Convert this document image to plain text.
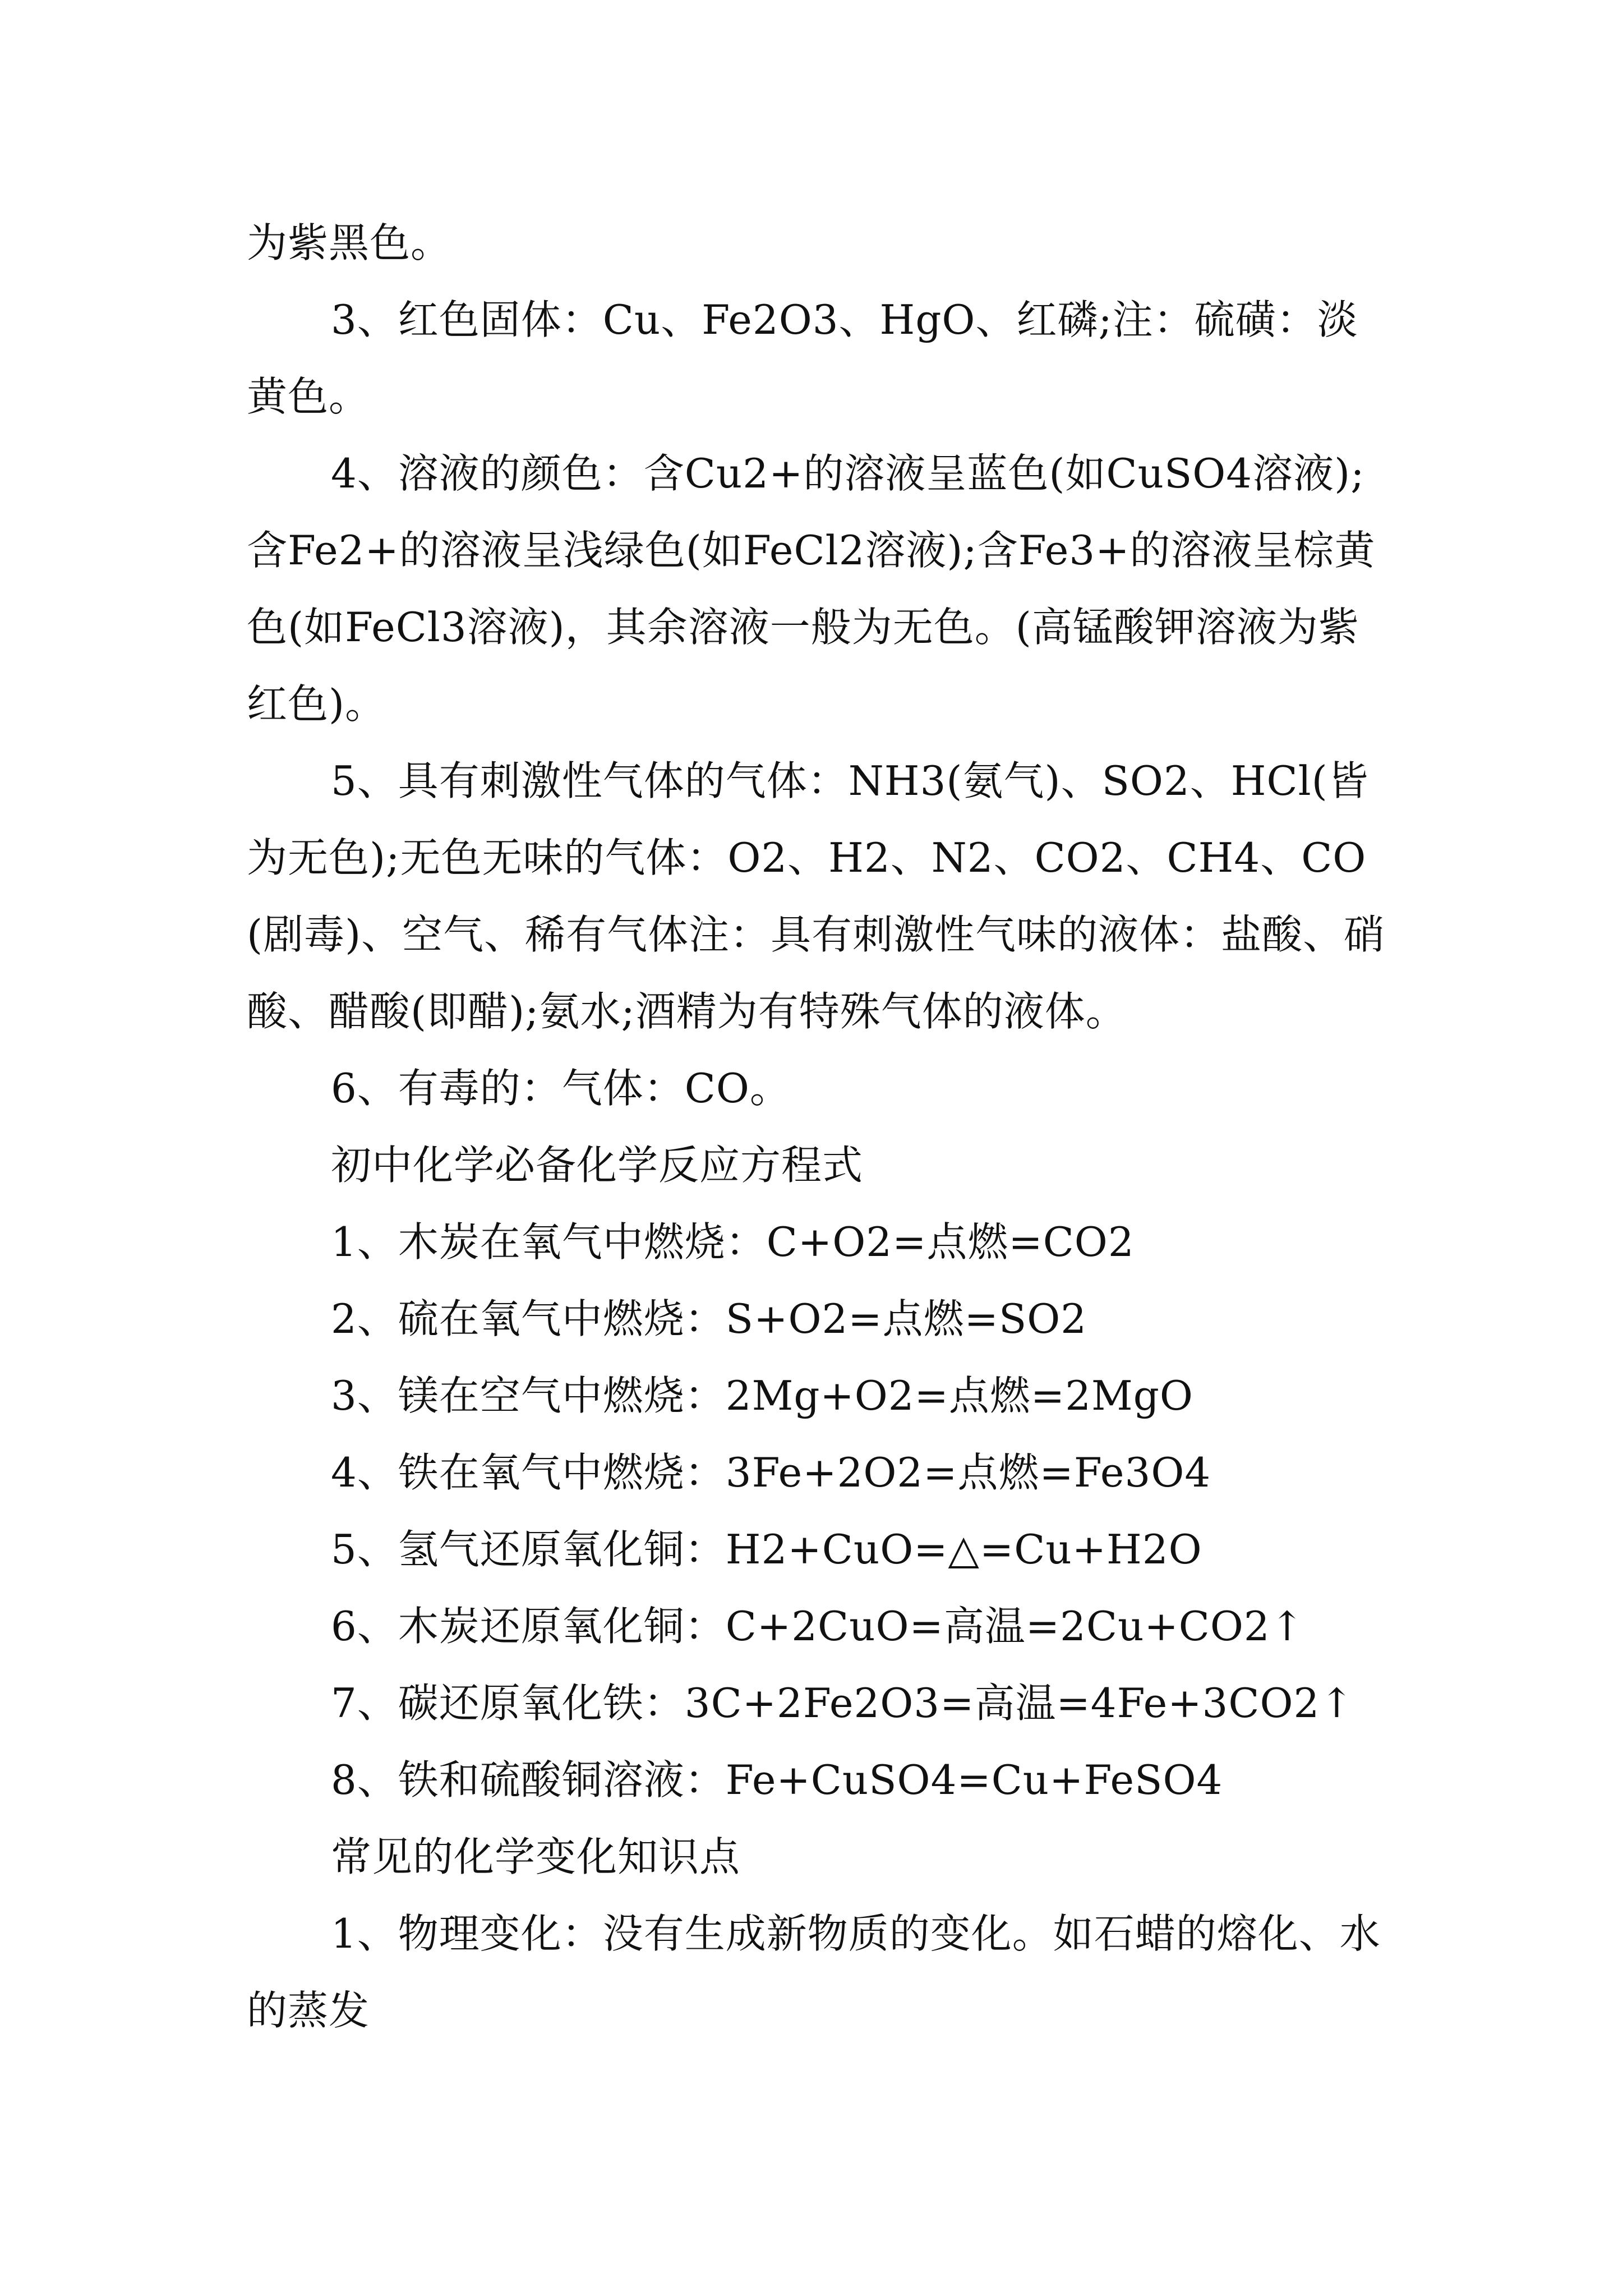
为紫黑色。

3、红色固体：Cu、Fe2O3、HgO、红磷;注：硫磺：淡黄色。

4、溶液的颜色：含Cu2+的溶液呈蓝色(如CuSO4溶液);含Fe2+的溶液呈浅绿色(如FeCl2溶液);含Fe3+的溶液呈棕黄色(如FeCl3溶液)，其余溶液一般为无色。(高锰酸钾溶液为紫红色)。

5、具有刺激性气体的气体：NH3(氨气)、SO2、HCl(皆为无色);无色无味的气体：O2、H2、N2、CO2、CH4、CO(剧毒)、空气、稀有气体注：具有刺激性气味的液体：盐酸、硝酸、醋酸(即醋);氨水;酒精为有特殊气体的液体。

6、有毒的：气体：CO。

初中化学必备化学反应方程式

1、木炭在氧气中燃烧：C+O2=点燃=CO2

2、硫在氧气中燃烧：S+O2=点燃=SO2

3、镁在空气中燃烧：2Mg+O2=点燃=2MgO

4、铁在氧气中燃烧：3Fe+2O2=点燃=Fe3O4

5、氢气还原氧化铜：H2+CuO=△=Cu+H2O

6、木炭还原氧化铜：C+2CuO=高温=2Cu+CO2↑

7、碳还原氧化铁：3C+2Fe2O3=高温=4Fe+3CO2↑

8、铁和硫酸铜溶液：Fe+CuSO4=Cu+FeSO4

常见的化学变化知识点

1、物理变化：没有生成新物质的变化。如石蜡的熔化、水的蒸发
